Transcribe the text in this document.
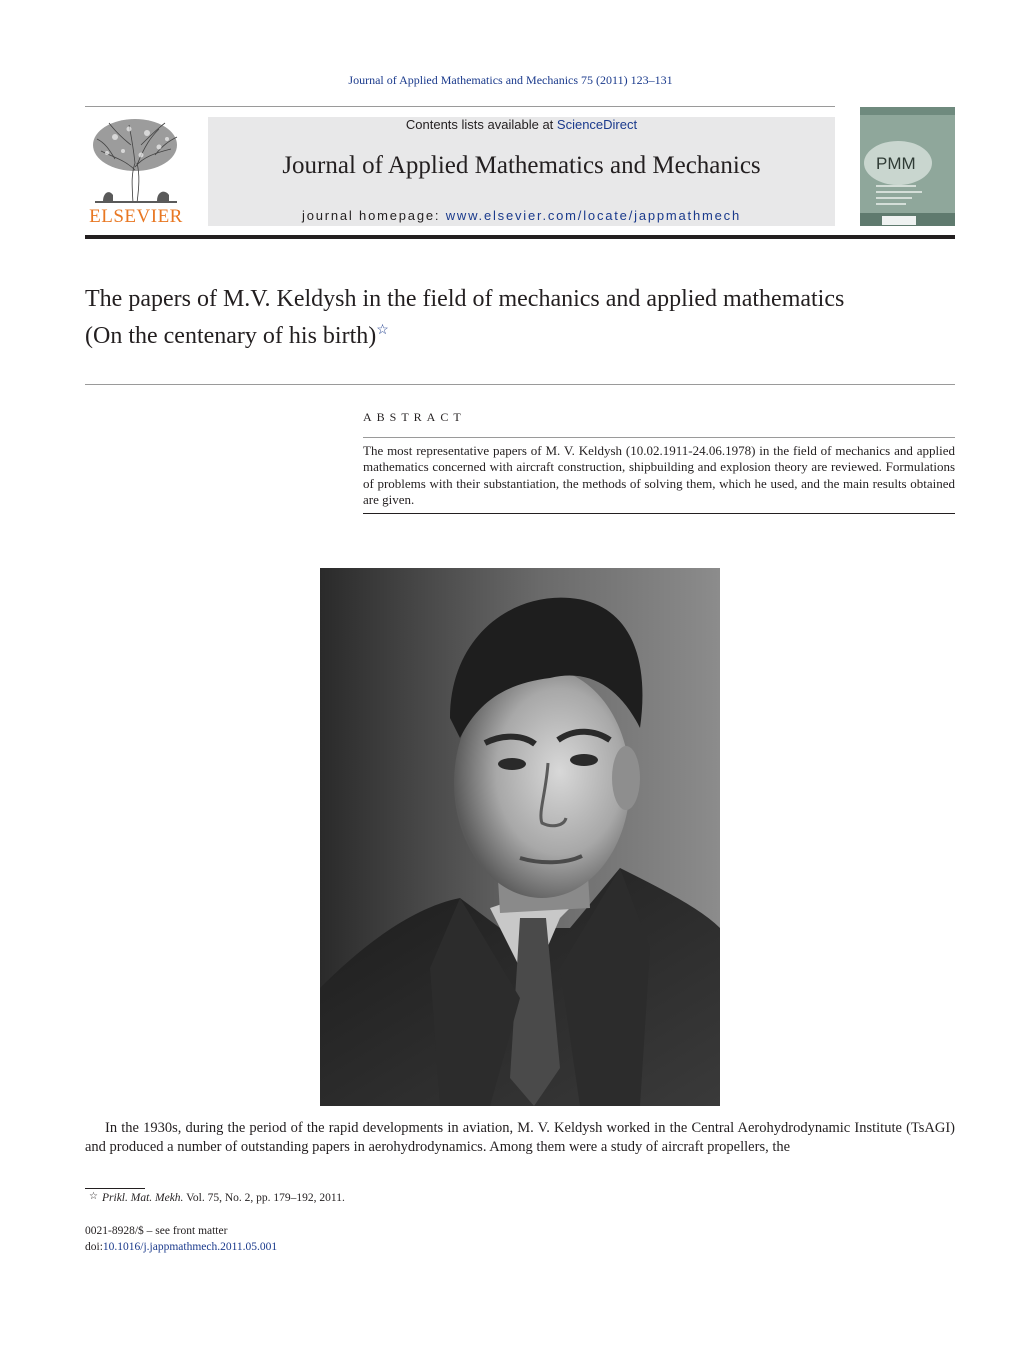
Journal of Applied Mathematics and Mechanics 75 (2011) 123–131
ELSEVIER
Contents lists available at ScienceDirect
Journal of Applied Mathematics and Mechanics
journal homepage: www.elsevier.com/locate/jappmathmech
PMM
The papers of M.V. Keldysh in the field of mechanics and applied mathematics
(On the centenary of his birth)☆
ABSTRACT
The most representative papers of M. V. Keldysh (10.02.1911-24.06.1978) in the field of mechanics and applied mathematics concerned with aircraft construction, shipbuilding and explosion theory are reviewed. Formulations of problems with their substantiation, the methods of solving them, which he used, and the main results obtained are given.
In the 1930s, during the period of the rapid developments in aviation, M. V. Keldysh worked in the Central Aerohydrodynamic Institute (TsAGI) and produced a number of outstanding papers in aerohydrodynamics. Among them were a study of aircraft propellers, the
☆ Prikl. Mat. Mekh. Vol. 75, No. 2, pp. 179–192, 2011.
0021-8928/$ – see front matter
doi:10.1016/j.jappmathmech.2011.05.001
